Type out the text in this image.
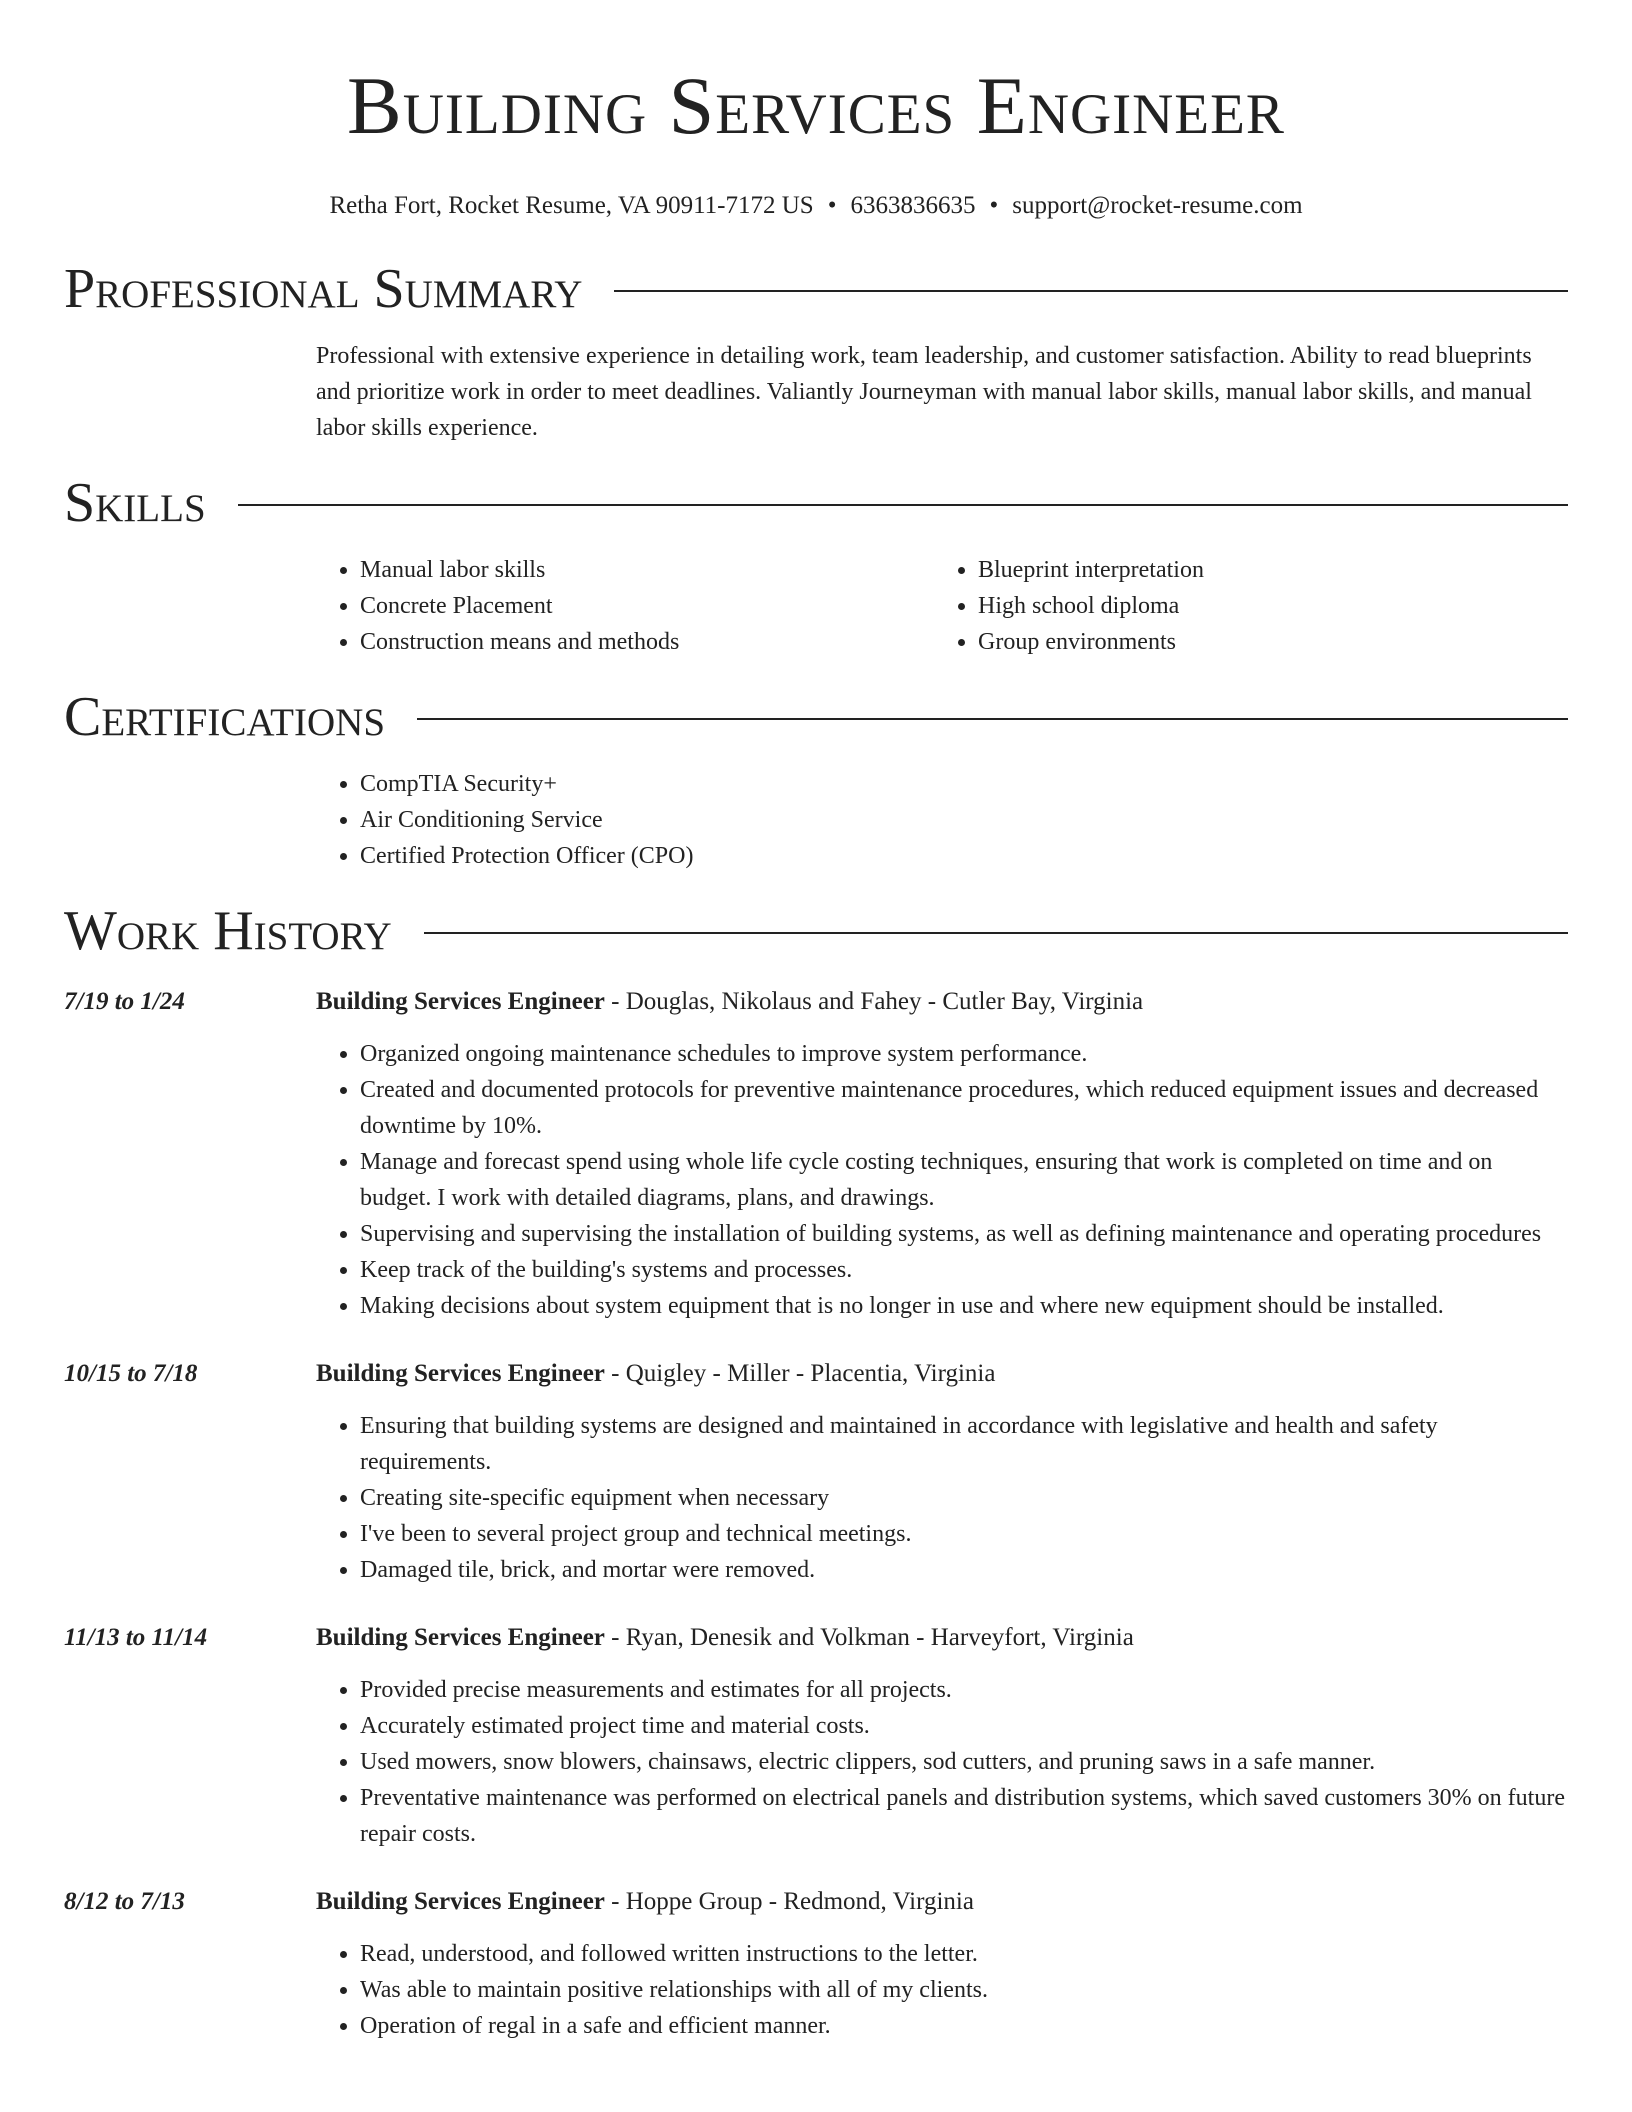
Building Services Engineer
Retha Fort, Rocket Resume, VA 90911-7172 US • 6363836635 • support@rocket-resume.com
Professional Summary
Professional with extensive experience in detailing work, team leadership, and customer satisfaction. Ability to read blueprints and prioritize work in order to meet deadlines. Valiantly Journeyman with manual labor skills, manual labor skills, and manual labor skills experience.
Skills
• Manual labor skills
• Concrete Placement
• Construction means and methods
• Blueprint interpretation
• High school diploma
• Group environments
Certifications
• CompTIA Security+
• Air Conditioning Service
• Certified Protection Officer (CPO)
Work History
7/19 to 1/24	Building Services Engineer - Douglas, Nikolaus and Fahey - Cutler Bay, Virginia
• Organized ongoing maintenance schedules to improve system performance.
• Created and documented protocols for preventive maintenance procedures, which reduced equipment issues and decreased downtime by 10%.
• Manage and forecast spend using whole life cycle costing techniques, ensuring that work is completed on time and on budget. I work with detailed diagrams, plans, and drawings.
• Supervising and supervising the installation of building systems, as well as defining maintenance and operating procedures
• Keep track of the building's systems and processes.
• Making decisions about system equipment that is no longer in use and where new equipment should be installed.
10/15 to 7/18	Building Services Engineer - Quigley - Miller - Placentia, Virginia
• Ensuring that building systems are designed and maintained in accordance with legislative and health and safety requirements.
• Creating site-specific equipment when necessary
• I've been to several project group and technical meetings.
• Damaged tile, brick, and mortar were removed.
11/13 to 11/14	Building Services Engineer - Ryan, Denesik and Volkman - Harveyfort, Virginia
• Provided precise measurements and estimates for all projects.
• Accurately estimated project time and material costs.
• Used mowers, snow blowers, chainsaws, electric clippers, sod cutters, and pruning saws in a safe manner.
• Preventative maintenance was performed on electrical panels and distribution systems, which saved customers 30% on future repair costs.
8/12 to 7/13	Building Services Engineer - Hoppe Group - Redmond, Virginia
• Read, understood, and followed written instructions to the letter.
• Was able to maintain positive relationships with all of my clients.
• Operation of regal in a safe and efficient manner.
